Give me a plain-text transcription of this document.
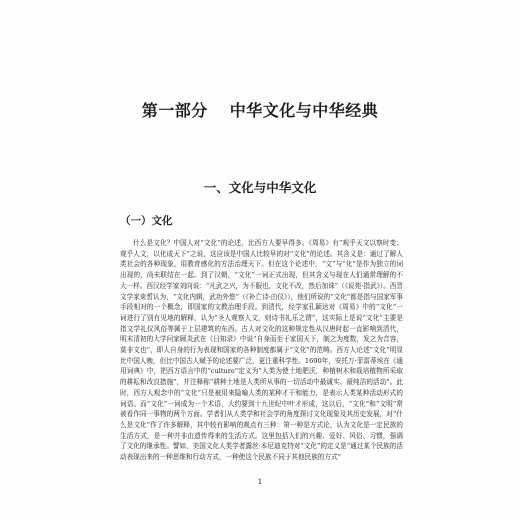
第一部分 中华文化与中华经典
一、文化与中华文化
（一）文化

什么是文化？中国人对“文化”的论述，比西方人要早得多。《周易》有“观乎天文以察时变；观乎人文，以化成天下”之说，这应该是中国人比较早的对“文化”的论述。其含义是：通过了解人类社会的各种现象，用教育感化的方法治理天下。但在这个论述中，“文”与“化”是作为独立的词出现的，尚未联结在一起。到了汉朝，“文化”一词正式出现，但其含义与现在人们通常理解的不大一样。西汉经学家刘向说：“凡武之兴，为不服也，文化不改，然后加诛”（《说苑·指武》）。西晋文学家束皙认为，“文化内辑，武功外悠”（《补亡诗·由仪》），他们所说的“文化”都是指与国家军事手段相对的一个概念，即国家的文教治理手段。到清代，经学家孔颖达对《周易》中的“文化”一词进行了别有见地的解释，认为“圣人观察人文，则诗书礼乐之谓”，这实际上是说“文化”主要是指文学礼仪风俗等属于上层建筑的东西。古人对文化的这种规定性从汉唐时起一直影响到清代，明末清初的大学问家顾炎武在《日知录》中说“自身而至于家国天下，制之为度数，发之为音容，莫非文也”，即人自身的行为表现和国家的各种制度都属于“文化”的范畴。西方人论述“文化”明显比中国人晚，但比中国古人赋予的论述要广泛，更注重科学性。1690年，安托万·菲雷蒂埃在《通用词典》中，把西方语言中的“culture”定义为“人类为使土地肥沃，种植树木和栽培植物所采取的耕耘和改良措施”，并注释称“耕种土地是人类所从事的一切活动中最诚实、最纯洁的活动”。此时，西方人观念中的“文化”只是被用来隐喻人类的某种才干和能力，是表示人类某种活动形式的词语。而“文化”一词成为一个术语，大约要到十九世纪中叶才形成，这以后，“文化”和“文明”常被看作同一事物的两个方面。学者们从人类学和社会学的角度探讨文化现象及其历史发展，对“什么是文化”作了许多解释，其中较有影响的观点有三种：第一种是方式论，认为文化是一定民族的生活方式，是一种并非由遗传得来的生活方式。这里包括人们的兴趣、爱好、风俗、习惯，强调了文化的继承性。譬如，美国文化人类学者露丝·本尼迪克特对“文化”的定义是“通过某个民族的活动表现出来的一种思维和行动方式，一种使这个民族不同于其他民族的方式”

1
